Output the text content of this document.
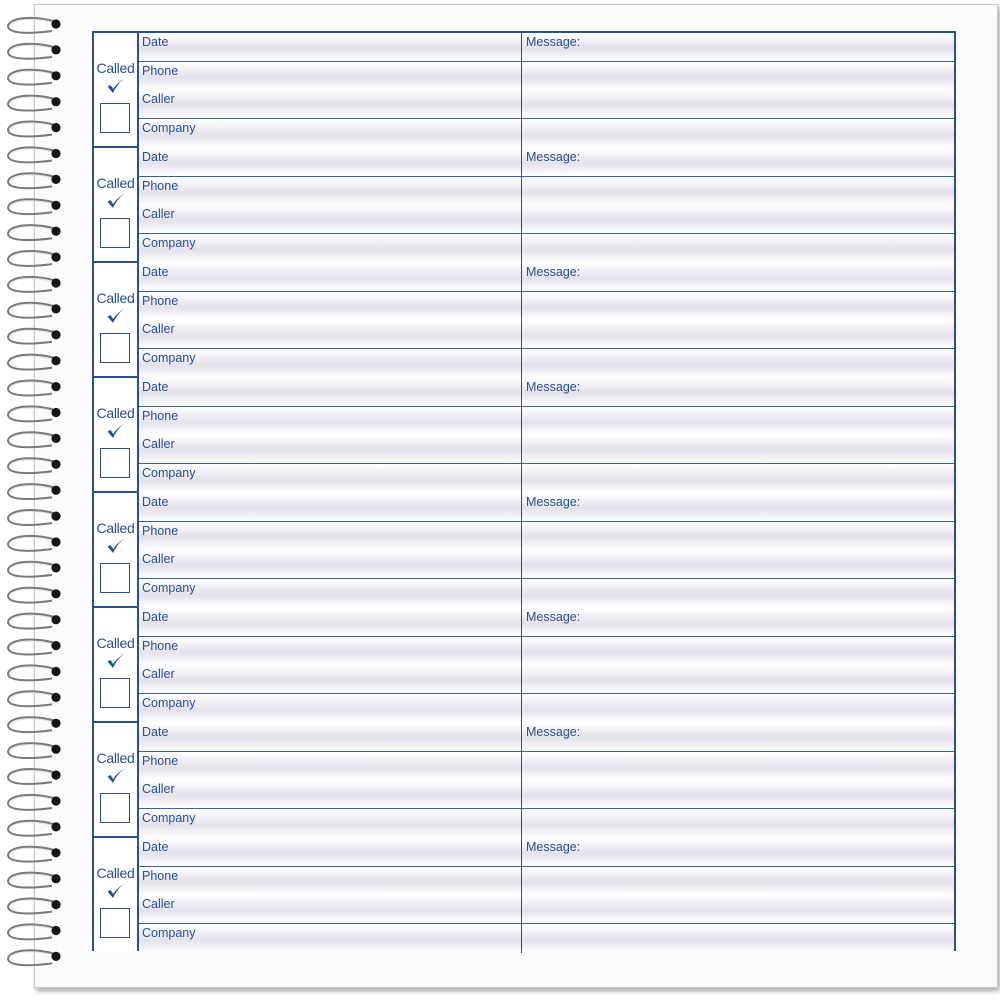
Called
Date	Message:
Phone
Caller
Company
Called
Date	Message:
Phone
Caller
Company
Called
Date	Message:
Phone
Caller
Company
Called
Date	Message:
Phone
Caller
Company
Called
Date	Message:
Phone
Caller
Company
Called
Date	Message:
Phone
Caller
Company
Called
Date	Message:
Phone
Caller
Company
Called
Date	Message:
Phone
Caller
Company
